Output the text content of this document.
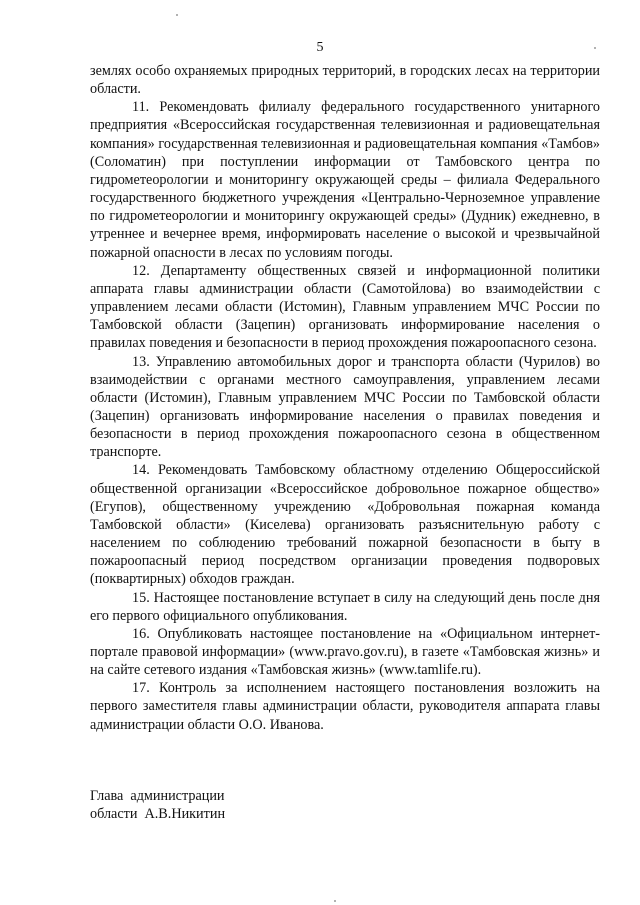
5

землях особо охраняемых природных территорий, в городских лесах на территории области.

11. Рекомендовать филиалу федерального государственного унитарного предприятия «Всероссийская государственная телевизионная и радиовещательная компания» государственная телевизионная и радиовещательная компания «Тамбов» (Соломатин) при поступлении информации от Тамбовского центра по гидрометеорологии и мониторингу окружающей среды – филиала Федерального государственного бюджетного учреждения «Центрально-Черноземное управление по гидрометеорологии и мониторингу окружающей среды» (Дудник) ежедневно, в утреннее и вечернее время, информировать население о высокой и чрезвычайной пожарной опасности в лесах по условиям погоды.

12. Департаменту общественных связей и информационной политики аппарата главы администрации области (Самотойлова) во взаимодействии с управлением лесами области (Истомин), Главным управлением МЧС России по Тамбовской области (Зацепин) организовать информирование населения о правилах поведения и безопасности в период прохождения пожароопасного сезона.

13. Управлению автомобильных дорог и транспорта области (Чурилов) во взаимодействии с органами местного самоуправления, управлением лесами области (Истомин), Главным управлением МЧС России по Тамбовской области (Зацепин) организовать информирование населения о правилах поведения и безопасности в период прохождения пожароопасного сезона в общественном транспорте.

14. Рекомендовать Тамбовскому областному отделению Общероссийской общественной организации «Всероссийское добровольное пожарное общество» (Егупов), общественному учреждению «Добровольная пожарная команда Тамбовской области» (Киселева) организовать разъяснительную работу с населением по соблюдению требований пожарной безопасности в быту в пожароопасный период посредством организации проведения подворовых (поквартирных) обходов граждан.

15. Настоящее постановление вступает в силу на следующий день после дня его первого официального опубликования.

16. Опубликовать настоящее постановление на «Официальном интернет-портале правовой информации» (www.pravo.gov.ru), в газете «Тамбовская жизнь» и на сайте сетевого издания «Тамбовская жизнь» (www.tamlife.ru).

17. Контроль за исполнением настоящего постановления возложить на первого заместителя главы администрации области, руководителя аппарата главы администрации области О.О. Иванова.

Глава  администрации
области  А.В.Никитин
